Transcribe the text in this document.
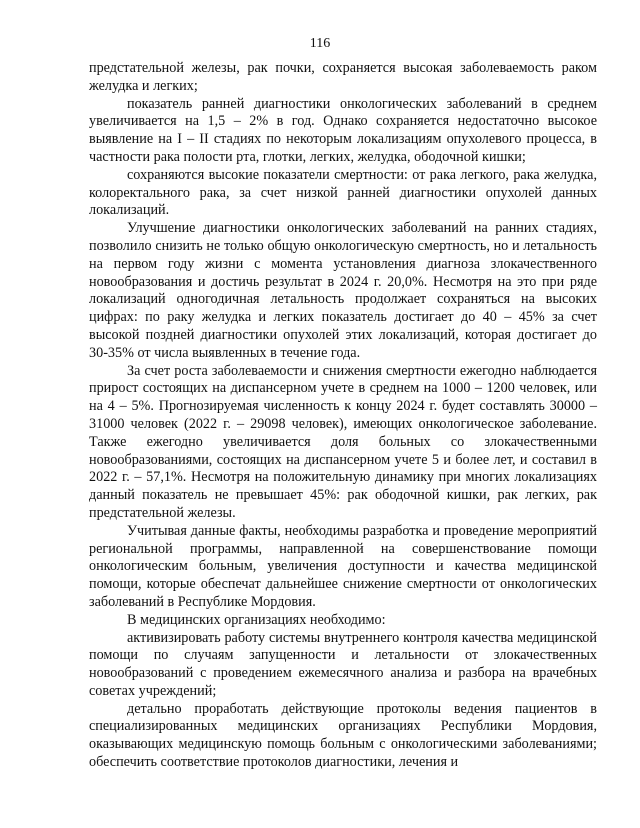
116

предстательной железы, рак почки, сохраняется высокая заболеваемость раком желудка и легких;

показатель ранней диагностики онкологических заболеваний в среднем увеличивается на 1,5 – 2% в год. Однако сохраняется недостаточно высокое выявление на I – II стадиях по некоторым локализациям опухолевого процесса, в частности рака полости рта, глотки, легких, желудка, ободочной кишки;

сохраняются высокие показатели смертности: от рака легкого, рака желудка, колоректального рака, за счет низкой ранней диагностики опухолей данных локализаций.

Улучшение диагностики онкологических заболеваний на ранних стадиях, позволило снизить не только общую онкологическую смертность, но и летальность на первом году жизни с момента установления диагноза злокачественного новообразования и достичь результат в 2024 г. 20,0%. Несмотря на это при ряде локализаций одногодичная летальность продолжает сохраняться на высоких цифрах: по раку желудка и легких показатель достигает до 40 – 45% за счет высокой поздней диагностики опухолей этих локализаций, которая достигает до 30-35% от числа выявленных в течение года.

За счет роста заболеваемости и снижения смертности ежегодно наблюдается прирост состоящих на диспансерном учете в среднем на 1000 – 1200 человек, или на 4 – 5%. Прогнозируемая численность к концу 2024 г. будет составлять 30000 – 31000 человек (2022 г. – 29098 человек), имеющих онкологическое заболевание. Также ежегодно увеличивается доля больных со злокачественными новообразованиями, состоящих на диспансерном учете 5 и более лет, и составил в 2022 г. – 57,1%. Несмотря на положительную динамику при многих локализациях данный показатель не превышает 45%: рак ободочной кишки, рак легких, рак предстательной железы.

Учитывая данные факты, необходимы разработка и проведение мероприятий региональной программы, направленной на совершенствование помощи онкологическим больным, увеличения доступности и качества медицинской помощи, которые обеспечат дальнейшее снижение смертности от онкологических заболеваний в Республике Мордовия.

В медицинских организациях необходимо:

активизировать работу системы внутреннего контроля качества медицинской помощи по случаям запущенности и летальности от злокачественных новообразований с проведением ежемесячного анализа и разбора на врачебных советах учреждений;

детально проработать действующие протоколы ведения пациентов в специализированных медицинских организациях Республики Мордовия, оказывающих медицинскую помощь больным с онкологическими заболеваниями; обеспечить соответствие протоколов диагностики, лечения и
